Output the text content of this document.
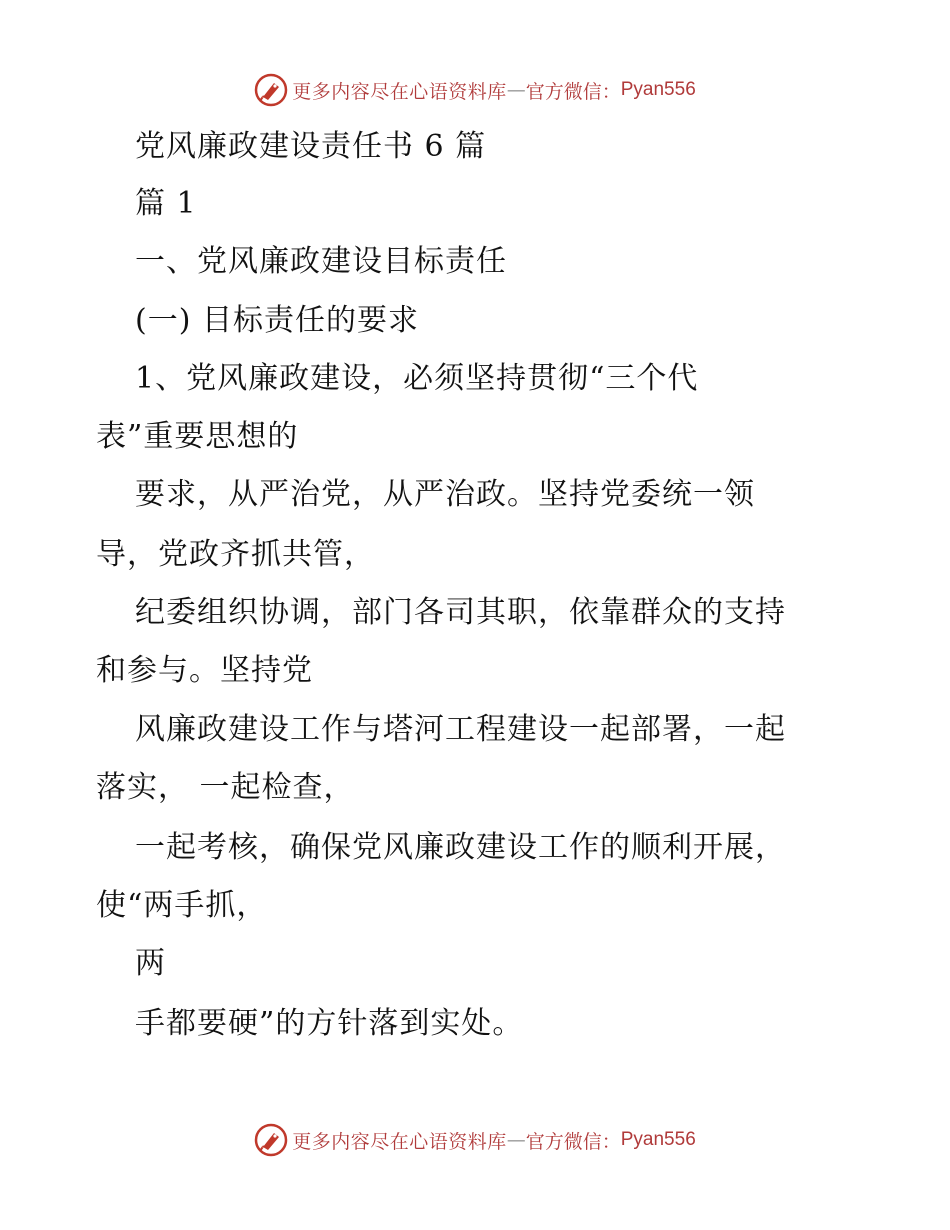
更多内容尽在心语资料库 — 官方微信： Pyan556
党风廉政建设责任书 6 篇
篇 1
一、党风廉政建设目标责任
(一) 目标责任的要求
1、党风廉政建设，必须坚持贯彻“三个代
表”重要思想的
要求，从严治党，从严治政。坚持党委统一领
导，党政齐抓共管，
纪委组织协调，部门各司其职，依靠群众的支持
和参与。坚持党
风廉政建设工作与塔河工程建设一起部署，一起
落实， 一起检查，
一起考核，确保党风廉政建设工作的顺利开展，
使“两手抓，
两
手都要硬”的方针落到实处。
更多内容尽在心语资料库 — 官方微信： Pyan556
